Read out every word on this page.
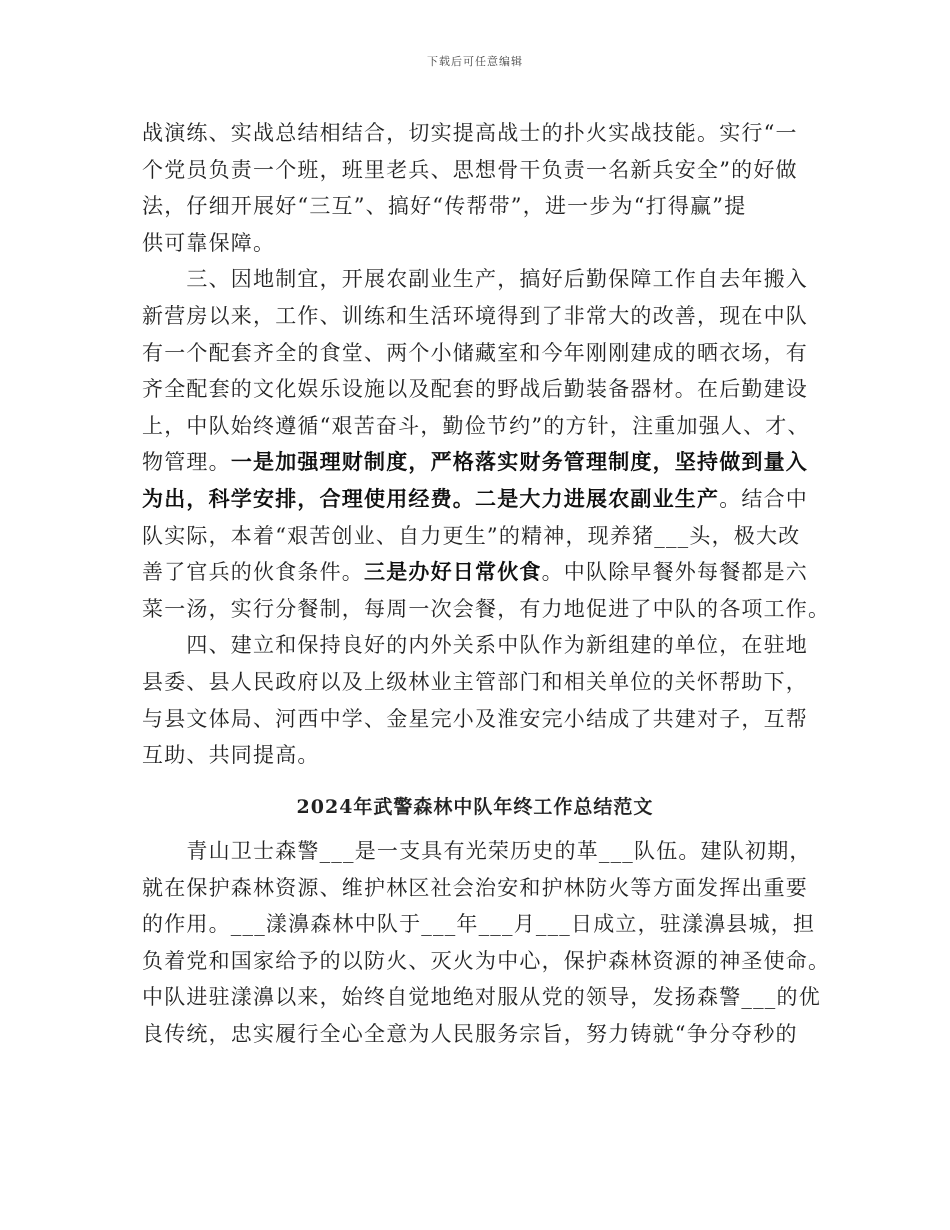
下载后可任意编辑
战演练、实战总结相结合，切实提高战士的扑火实战技能。实行“一
个党员负责一个班，班里老兵、思想骨干负责一名新兵安全”的好做
法，仔细开展好“三互”、搞好“传帮带”，进一步为“打得赢”提
供可靠保障。
　　三、因地制宜，开展农副业生产，搞好后勤保障工作自去年搬入
新营房以来，工作、训练和生活环境得到了非常大的改善，现在中队
有一个配套齐全的食堂、两个小储藏室和今年刚刚建成的晒衣场，有
齐全配套的文化娱乐设施以及配套的野战后勤装备器材。在后勤建设
上，中队始终遵循“艰苦奋斗，勤俭节约”的方针，注重加强人、才、
物管理。一是加强理财制度，严格落实财务管理制度，坚持做到量入
为出，科学安排，合理使用经费。二是大力进展农副业生产。结合中
队实际，本着“艰苦创业、自力更生”的精神，现养猪___头，极大改
善了官兵的伙食条件。三是办好日常伙食。中队除早餐外每餐都是六
菜一汤，实行分餐制，每周一次会餐，有力地促进了中队的各项工作。
　　四、建立和保持良好的内外关系中队作为新组建的单位，在驻地
县委、县人民政府以及上级林业主管部门和相关单位的关怀帮助下，
与县文体局、河西中学、金星完小及淮安完小结成了共建对子，互帮
互助、共同提高。
2024年武警森林中队年终工作总结范文
　　青山卫士森警___是一支具有光荣历史的革___队伍。建队初期，
就在保护森林资源、维护林区社会治安和护林防火等方面发挥出重要
的作用。___漾濞森林中队于___年___月___日成立，驻漾濞县城，担
负着党和国家给予的以防火、灭火为中心，保护森林资源的神圣使命。
中队进驻漾濞以来，始终自觉地绝对服从党的领导，发扬森警___的优
良传统，忠实履行全心全意为人民服务宗旨，努力铸就“争分夺秒的
